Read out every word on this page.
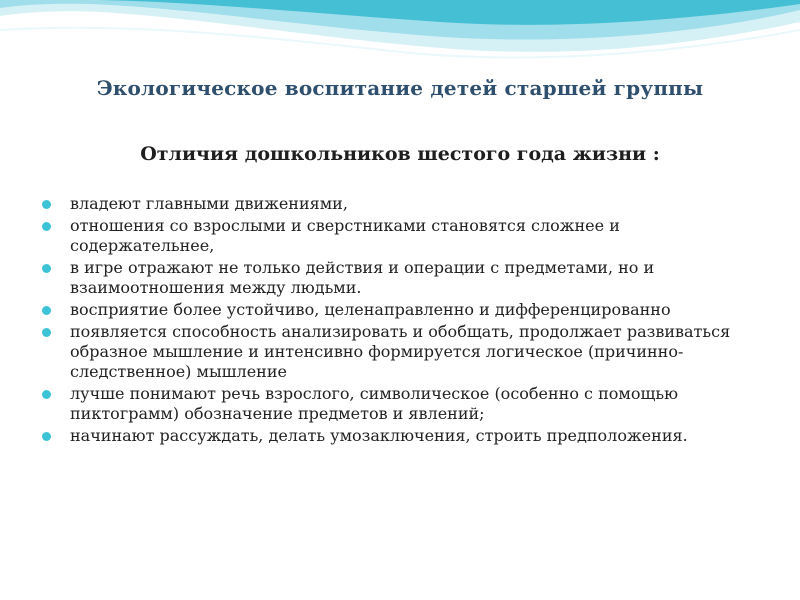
Экологическое воспитание детей старшей группы
Отличия дошкольников шестого года жизни :
владеют главными движениями,
отношения со взрослыми и сверстниками становятся сложнее и содержательнее,
в игре отражают не только действия и операции с предметами, но и взаимоотношения между людьми.
восприятие более устойчиво, целенаправленно и дифференцированно
появляется способность анализировать и обобщать, продолжает развиваться образное мышление и интенсивно формируется логическое (причинно-следственное) мышление
лучше понимают речь взрослого, символическое (особенно с помощью пиктограмм) обозначение предметов и явлений;
начинают рассуждать, делать умозаключения, строить предположения.
